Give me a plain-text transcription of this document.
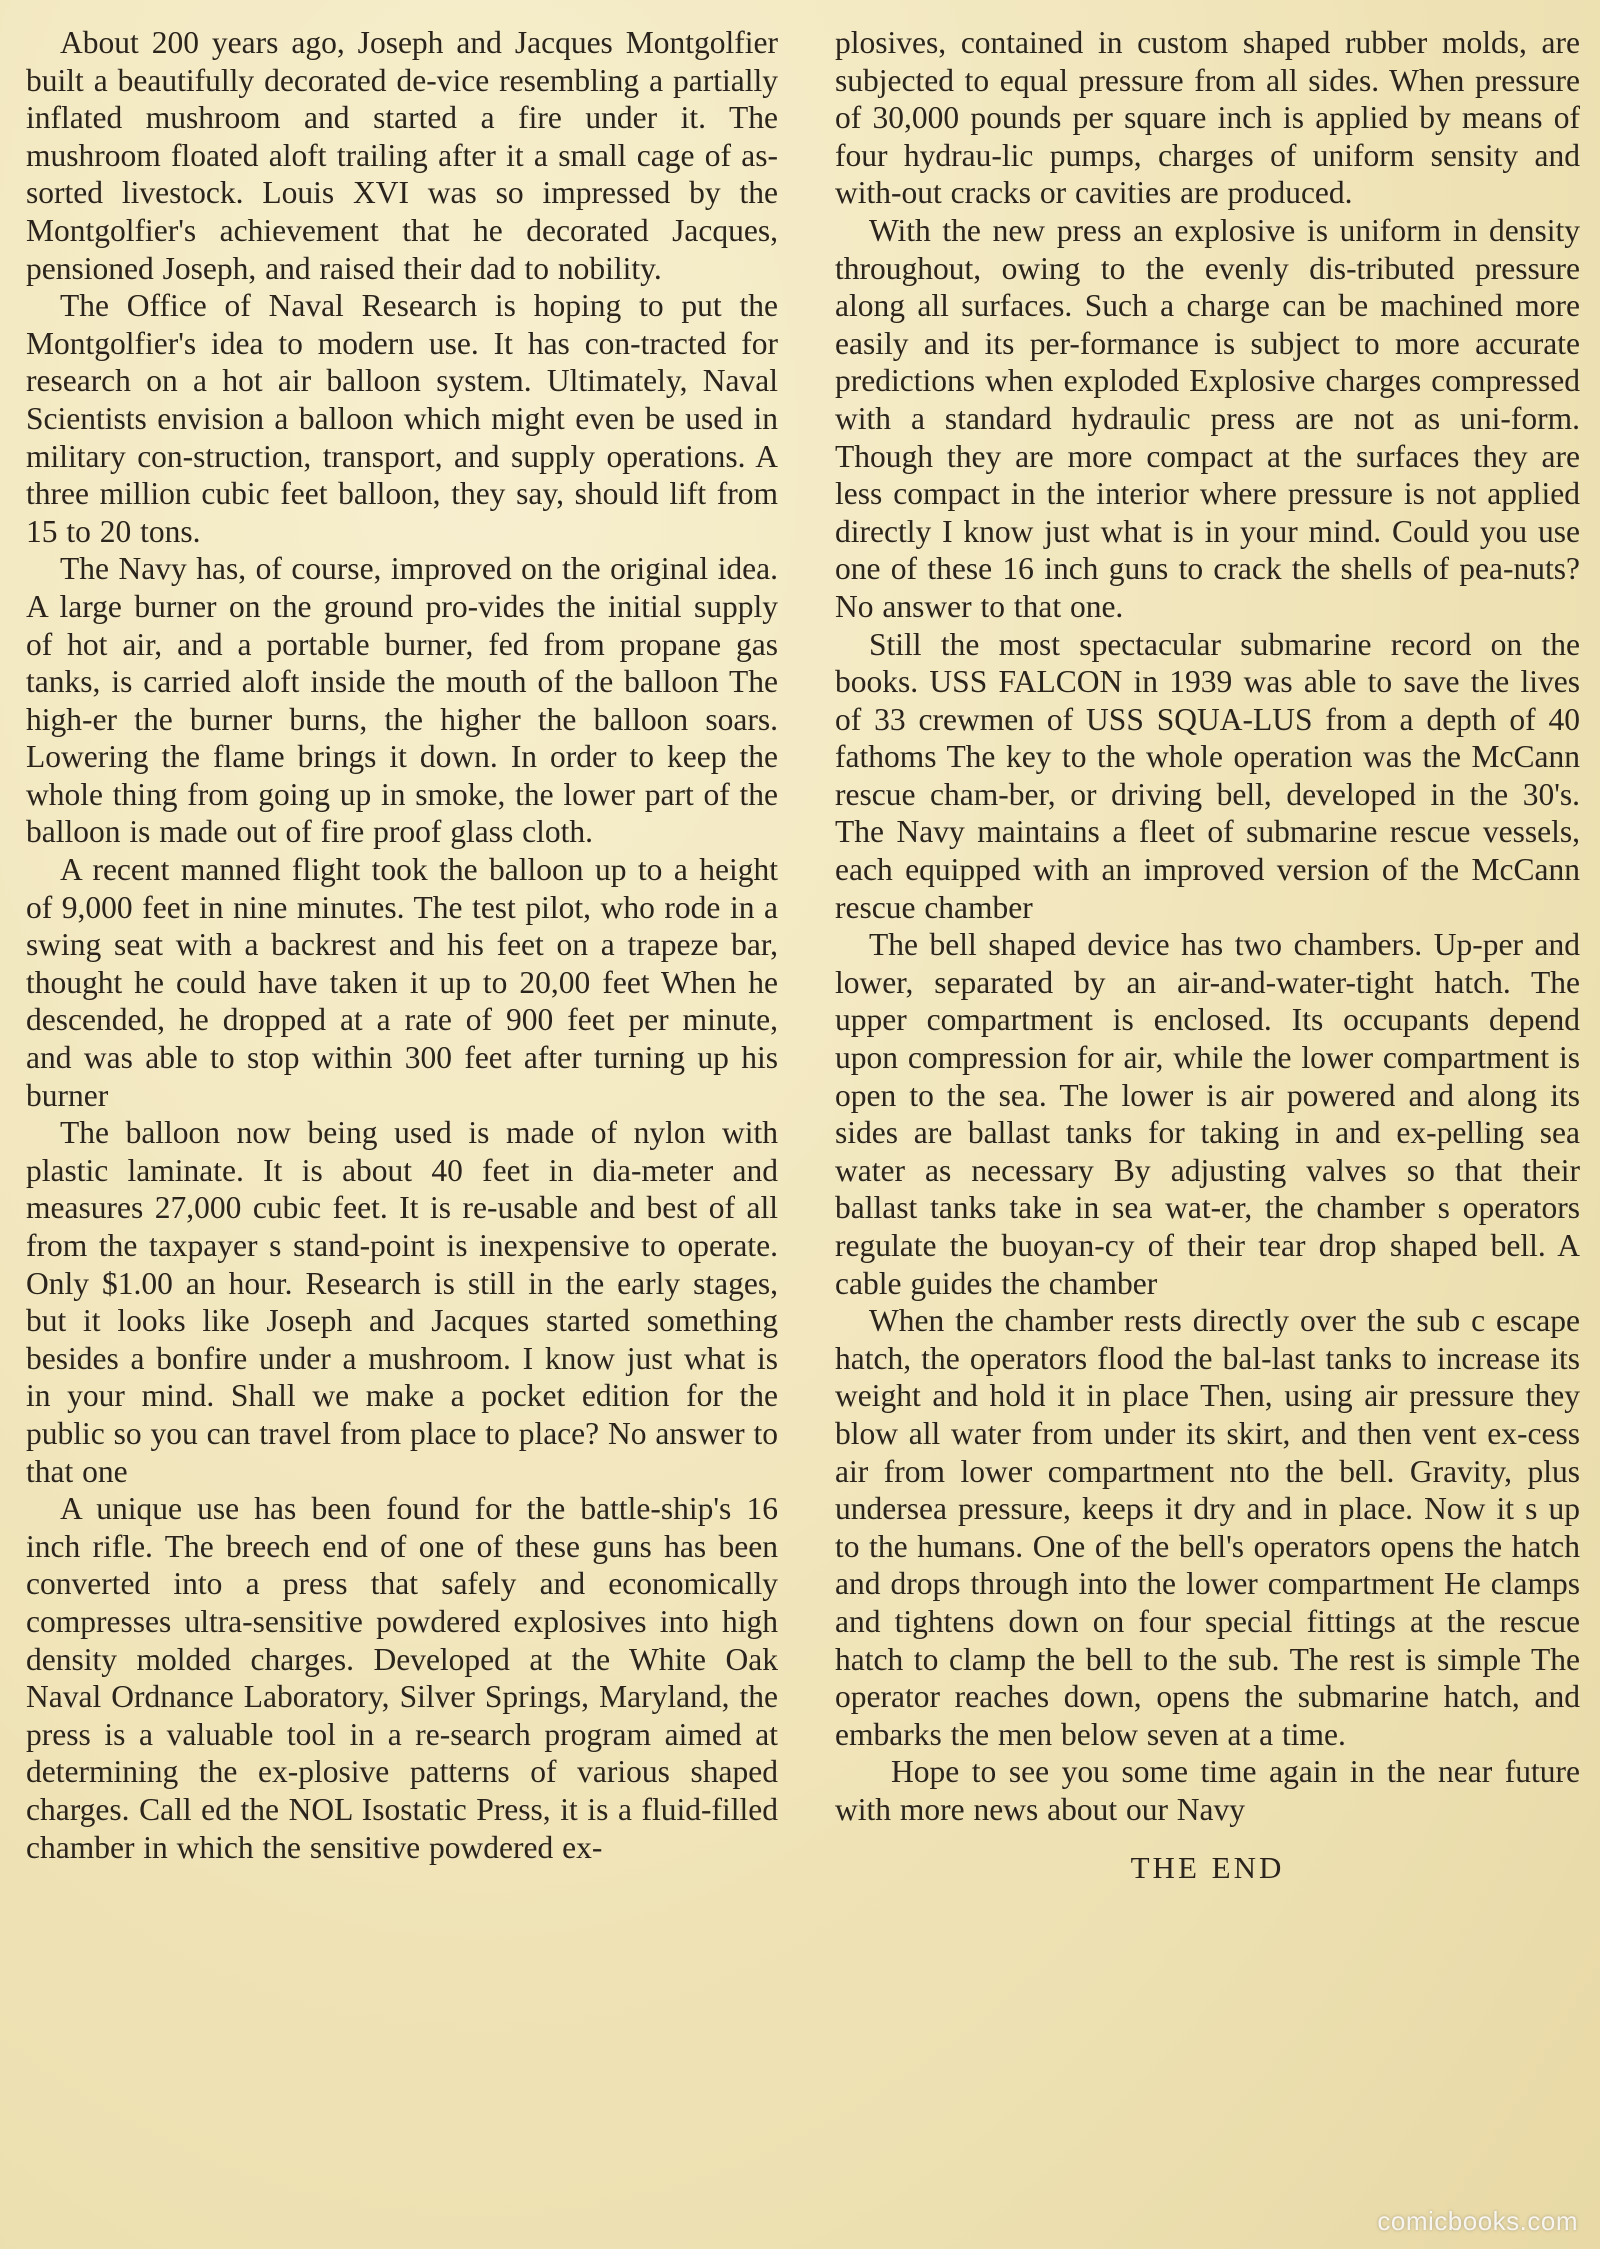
About 200 years ago, Joseph and Jacques Montgolfier built a beautifully decorated de-vice resembling a partially inflated mushroom and started a fire under it. The mushroom floated aloft trailing after it a small cage of as-sorted livestock. Louis XVI was so impressed by the Montgolfier's achievement that he decorated Jacques, pensioned Joseph, and raised their dad to nobility.

The Office of Naval Research is hoping to put the Montgolfier's idea to modern use. It has con-tracted for research on a hot air balloon system. Ultimately, Naval Scientists envision a balloon which might even be used in military con-struction, transport, and supply operations. A three million cubic feet balloon, they say, should lift from 15 to 20 tons.

The Navy has, of course, improved on the original idea. A large burner on the ground pro-vides the initial supply of hot air, and a portable burner, fed from propane gas tanks, is carried aloft inside the mouth of the balloon The high-er the burner burns, the higher the balloon soars. Lowering the flame brings it down. In order to keep the whole thing from going up in smoke, the lower part of the balloon is made out of fire proof glass cloth.

A recent manned flight took the balloon up to a height of 9,000 feet in nine minutes. The test pilot, who rode in a swing seat with a backrest and his feet on a trapeze bar, thought he could have taken it up to 20,00 feet When he descended, he dropped at a rate of 900 feet per minute, and was able to stop within 300 feet after turning up his burner

The balloon now being used is made of nylon with plastic laminate. It is about 40 feet in dia-meter and measures 27,000 cubic feet. It is re-usable and best of all from the taxpayer s stand-point is inexpensive to operate. Only $1.00 an hour. Research is still in the early stages, but it looks like Joseph and Jacques started something besides a bonfire under a mushroom. I know just what is in your mind. Shall we make a pocket edition for the public so you can travel from place to place? No answer to that one

A unique use has been found for the battle-ship's 16 inch rifle. The breech end of one of these guns has been converted into a press that safely and economically compresses ultra-sensitive powdered explosives into high density molded charges. Developed at the White Oak Naval Ordnance Laboratory, Silver Springs, Maryland, the press is a valuable tool in a re-search program aimed at determining the ex-plosive patterns of various shaped charges. Call ed the NOL Isostatic Press, it is a fluid-filled chamber in which the sensitive powdered ex-

plosives, contained in custom shaped rubber molds, are subjected to equal pressure from all sides. When pressure of 30,000 pounds per square inch is applied by means of four hydrau-lic pumps, charges of uniform sensity and with-out cracks or cavities are produced.

With the new press an explosive is uniform in density throughout, owing to the evenly dis-tributed pressure along all surfaces. Such a charge can be machined more easily and its per-formance is subject to more accurate predictions when exploded Explosive charges compressed with a standard hydraulic press are not as uni-form. Though they are more compact at the surfaces they are less compact in the interior where pressure is not applied directly I know just what is in your mind. Could you use one of these 16 inch guns to crack the shells of pea-nuts? No answer to that one.

Still the most spectacular submarine record on the books. USS FALCON in 1939 was able to save the lives of 33 crewmen of USS SQUA-LUS from a depth of 40 fathoms The key to the whole operation was the McCann rescue cham-ber, or driving bell, developed in the 30's. The Navy maintains a fleet of submarine rescue vessels, each equipped with an improved version of the McCann rescue chamber

The bell shaped device has two chambers. Up-per and lower, separated by an air-and-water-tight hatch. The upper compartment is enclosed. Its occupants depend upon compression for air, while the lower compartment is open to the sea. The lower is air powered and along its sides are ballast tanks for taking in and ex-pelling sea water as necessary By adjusting valves so that their ballast tanks take in sea wat-er, the chamber s operators regulate the buoyan-cy of their tear drop shaped bell. A cable guides the chamber

When the chamber rests directly over the sub c escape hatch, the operators flood the bal-last tanks to increase its weight and hold it in place Then, using air pressure they blow all water from under its skirt, and then vent ex-cess air from lower compartment nto the bell. Gravity, plus undersea pressure, keeps it dry and in place. Now it s up to the humans. One of the bell's operators opens the hatch and drops through into the lower compartment He clamps and tightens down on four special fittings at the rescue hatch to clamp the bell to the sub. The rest is simple The operator reaches down, opens the submarine hatch, and embarks the men below seven at a time.

Hope to see you some time again in the near future with more news about our Navy

THE END

comicbooks.com
